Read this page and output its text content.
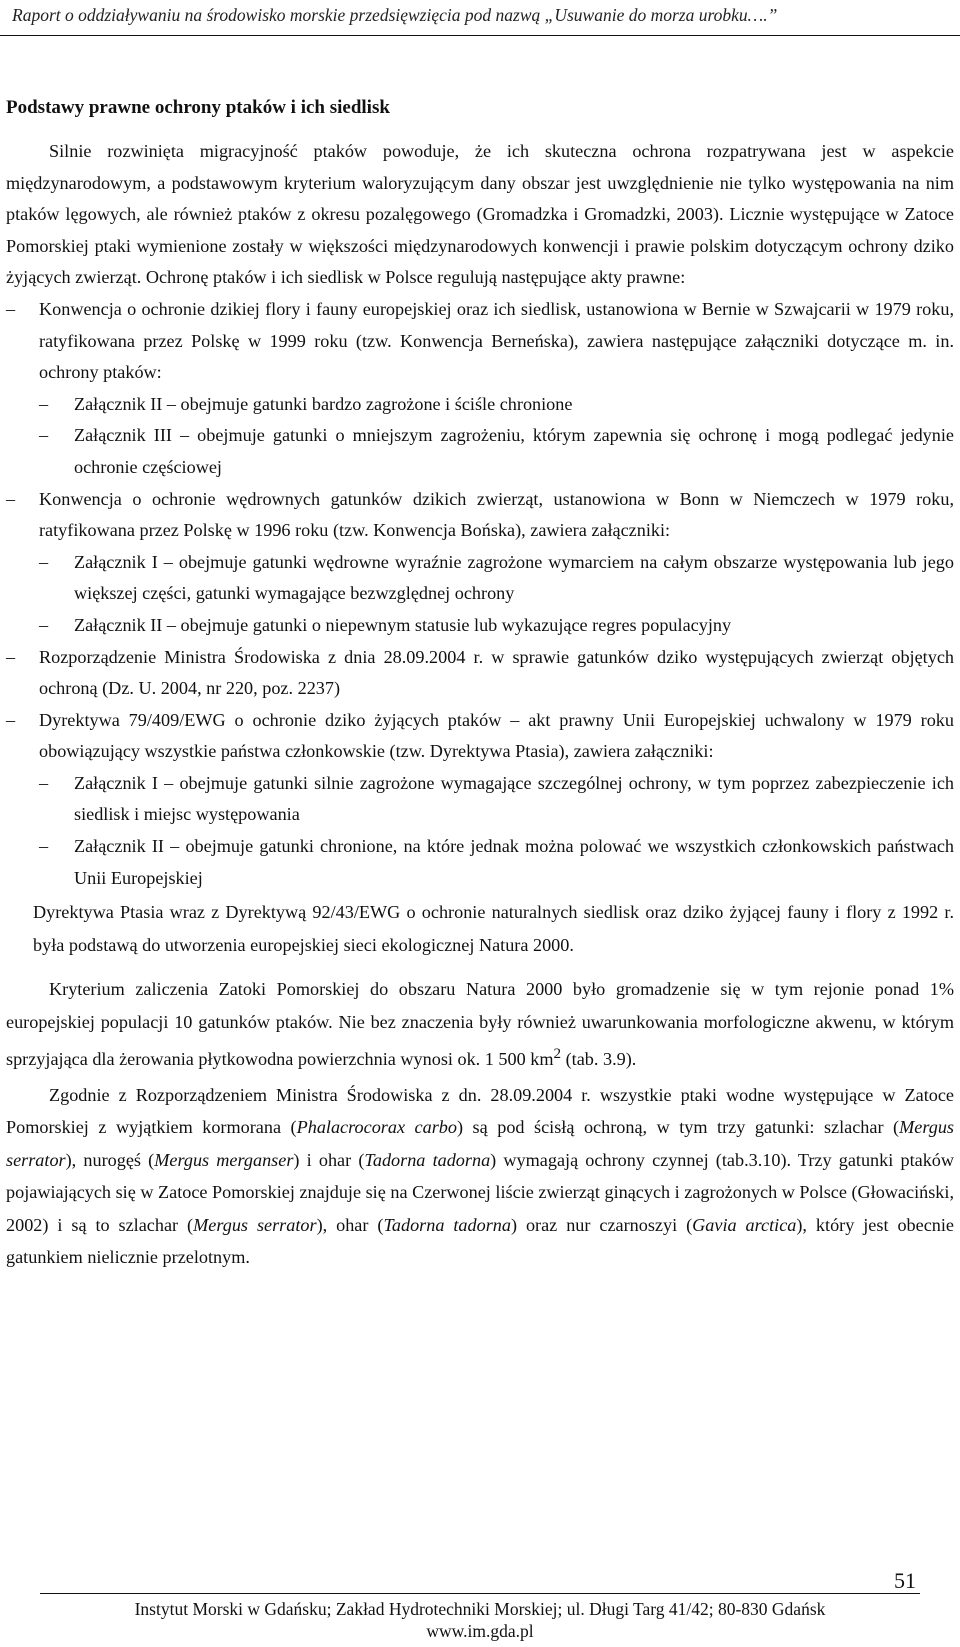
Raport o oddziaływaniu na środowisko morskie przedsięwzięcia pod nazwą „Usuwanie do morza urobku….”
Podstawy prawne ochrony ptaków i ich siedlisk

Silnie rozwinięta migracyjność ptaków powoduje, że ich skuteczna ochrona rozpatrywana jest w aspekcie międzynarodowym, a podstawowym kryterium waloryzującym dany obszar jest uwzględnienie nie tylko występowania na nim ptaków lęgowych, ale również ptaków z okresu pozalęgowego (Gromadzka i Gromadzki, 2003). Licznie występujące w Zatoce Pomorskiej ptaki wymienione zostały w większości międzynarodowych konwencji i prawie polskim dotyczącym ochrony dziko żyjących zwierząt. Ochronę ptaków i ich siedlisk w Polsce regulują następujące akty prawne:

– Konwencja o ochronie dzikiej flory i fauny europejskiej oraz ich siedlisk, ustanowiona w Bernie w Szwajcarii w 1979 roku, ratyfikowana przez Polskę w 1999 roku (tzw. Konwencja Berneńska), zawiera następujące załączniki dotyczące m. in. ochrony ptaków:
– Załącznik II – obejmuje gatunki bardzo zagrożone i ściśle chronione
– Załącznik III – obejmuje gatunki o mniejszym zagrożeniu, którym zapewnia się ochronę i mogą podlegać jedynie ochronie częściowej
– Konwencja o ochronie wędrownych gatunków dzikich zwierząt, ustanowiona w Bonn w Niemczech w 1979 roku, ratyfikowana przez Polskę w 1996 roku (tzw. Konwencja Bońska), zawiera załączniki:
– Załącznik I – obejmuje gatunki wędrowne wyraźnie zagrożone wymarciem na całym obszarze występowania lub jego większej części, gatunki wymagające bezwzględnej ochrony
– Załącznik II – obejmuje gatunki o niepewnym statusie lub wykazujące regres populacyjny
– Rozporządzenie Ministra Środowiska z dnia 28.09.2004 r. w sprawie gatunków dziko występujących zwierząt objętych ochroną (Dz. U. 2004, nr 220, poz. 2237)
– Dyrektywa 79/409/EWG o ochronie dziko żyjących ptaków – akt prawny Unii Europejskiej uchwalony w 1979 roku obowiązujący wszystkie państwa członkowskie (tzw. Dyrektywa Ptasia), zawiera załączniki:
– Załącznik I – obejmuje gatunki silnie zagrożone wymagające szczególnej ochrony, w tym poprzez zabezpieczenie ich siedlisk i miejsc występowania
– Załącznik II – obejmuje gatunki chronione, na które jednak można polować we wszystkich członkowskich państwach Unii Europejskiej

Dyrektywa Ptasia wraz z Dyrektywą 92/43/EWG o ochronie naturalnych siedlisk oraz dziko żyjącej fauny i flory z 1992 r. była podstawą do utworzenia europejskiej sieci ekologicznej Natura 2000.

Kryterium zaliczenia Zatoki Pomorskiej do obszaru Natura 2000 było gromadzenie się w tym rejonie ponad 1% europejskiej populacji 10 gatunków ptaków. Nie bez znaczenia były również uwarunkowania morfologiczne akwenu, w którym sprzyjająca dla żerowania płytkowodna powierzchnia wynosi ok. 1 500 $km^2$ (tab. 3.9).

Zgodnie z Rozporządzeniem Ministra Środowiska z dn. 28.09.2004 r. wszystkie ptaki wodne występujące w Zatoce Pomorskiej z wyjątkiem kormorana (Phalacrocorax carbo) są pod ścisłą ochroną, w tym trzy gatunki: szlachar (Mergus serrator), nurogęś (Mergus merganser) i ohar (Tadorna tadorna) wymagają ochrony czynnej (tab.3.10). Trzy gatunki ptaków pojawiających się w Zatoce Pomorskiej znajduje się na Czerwonej liście zwierząt ginących i zagrożonych w Polsce (Głowaciński, 2002) i są to szlachar (Mergus serrator), ohar (Tadorna tadorna) oraz nur czarnoszyi (Gavia arctica), który jest obecnie gatunkiem nielicznie przelotnym.

51
Instytut Morski w Gdańsku; Zakład Hydrotechniki Morskiej; ul. Długi Targ 41/42; 80-830 Gdańsk
www.im.gda.pl
